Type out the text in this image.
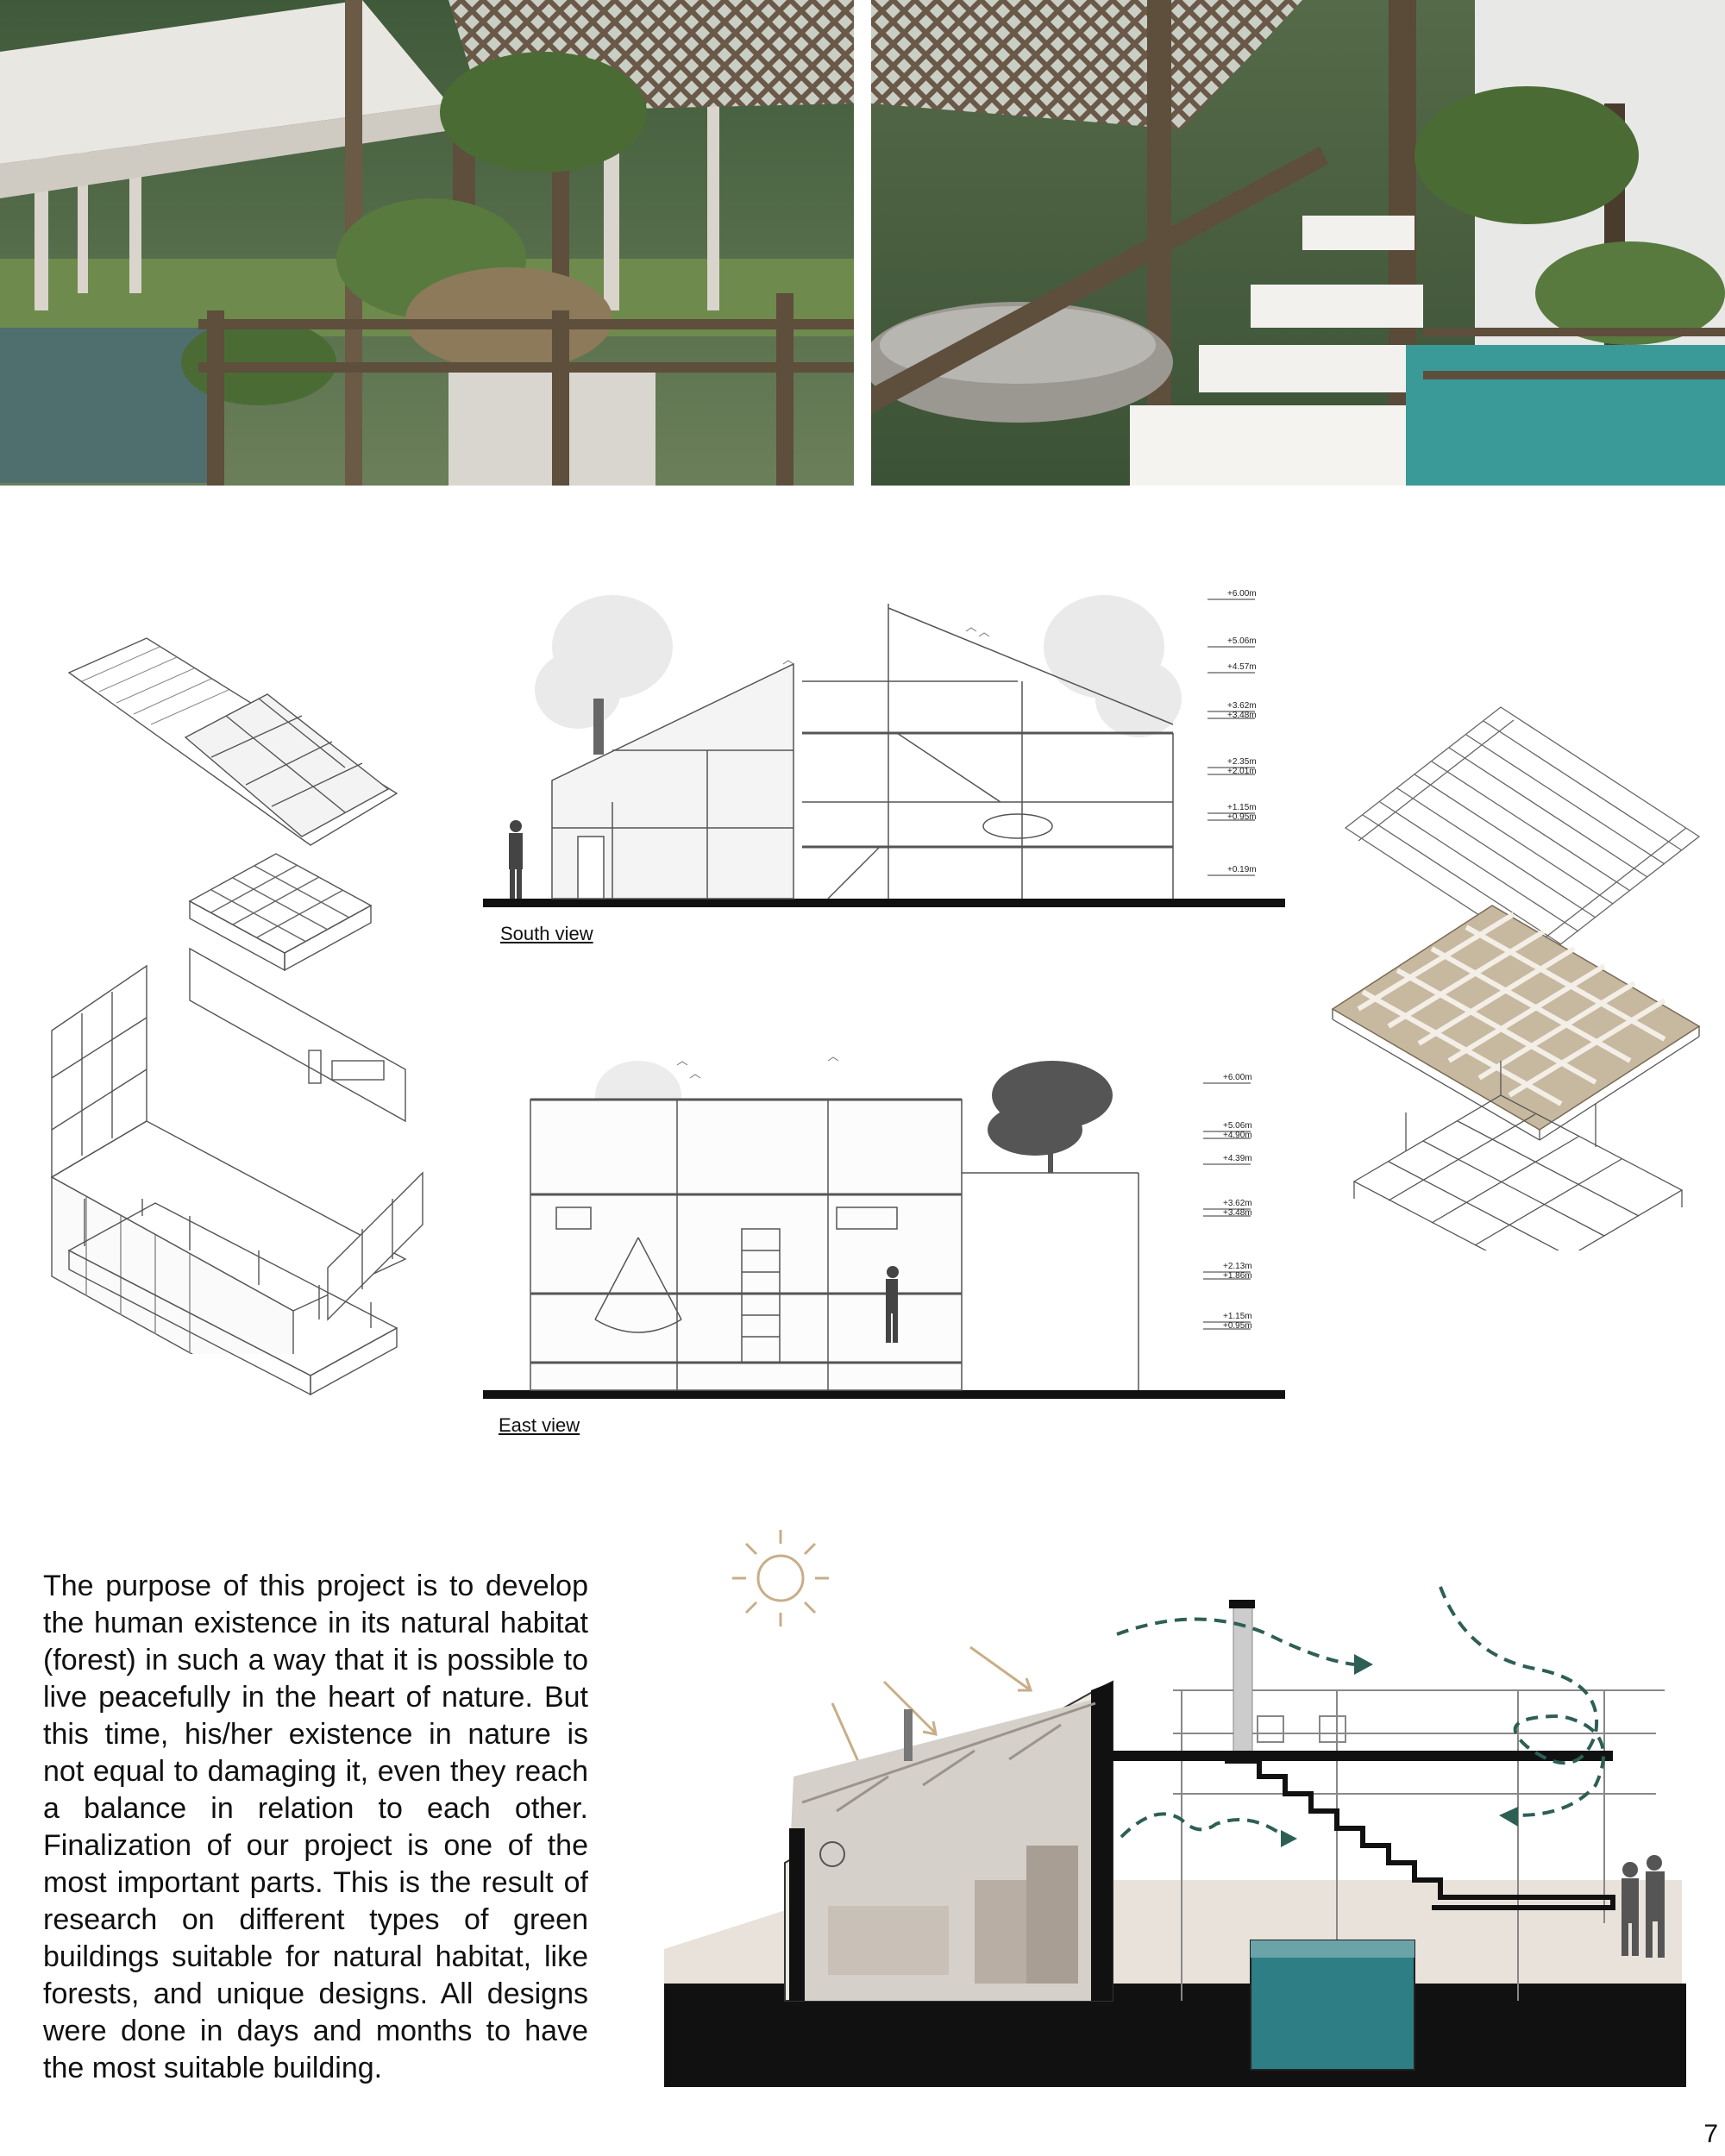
South view
+6.00m
+5.06m
+4.57m
+3.62m
+3.48m
+2.35m
+2.01m
+1.15m
+0.95m
+0.19m
East view
+6.00m
+5.06m
+4.90m
+4.39m
+3.62m
+3.48m
+2.13m
+1.86m
+1.15m
+0.95m
The purpose of this project is to develop the human existence in its natural habitat (forest) in such a way that it is possible to live peacefully in the heart of nature. But this time, his/her existence in nature is not equal to damaging it, even they reach a balance in relation to each other. Finalization of our project is one of the most important parts. This is the result of research on different types of green buildings suitable for natural habitat, like forests, and unique designs. All designs were done in days and months to have the most suitable building.
7
